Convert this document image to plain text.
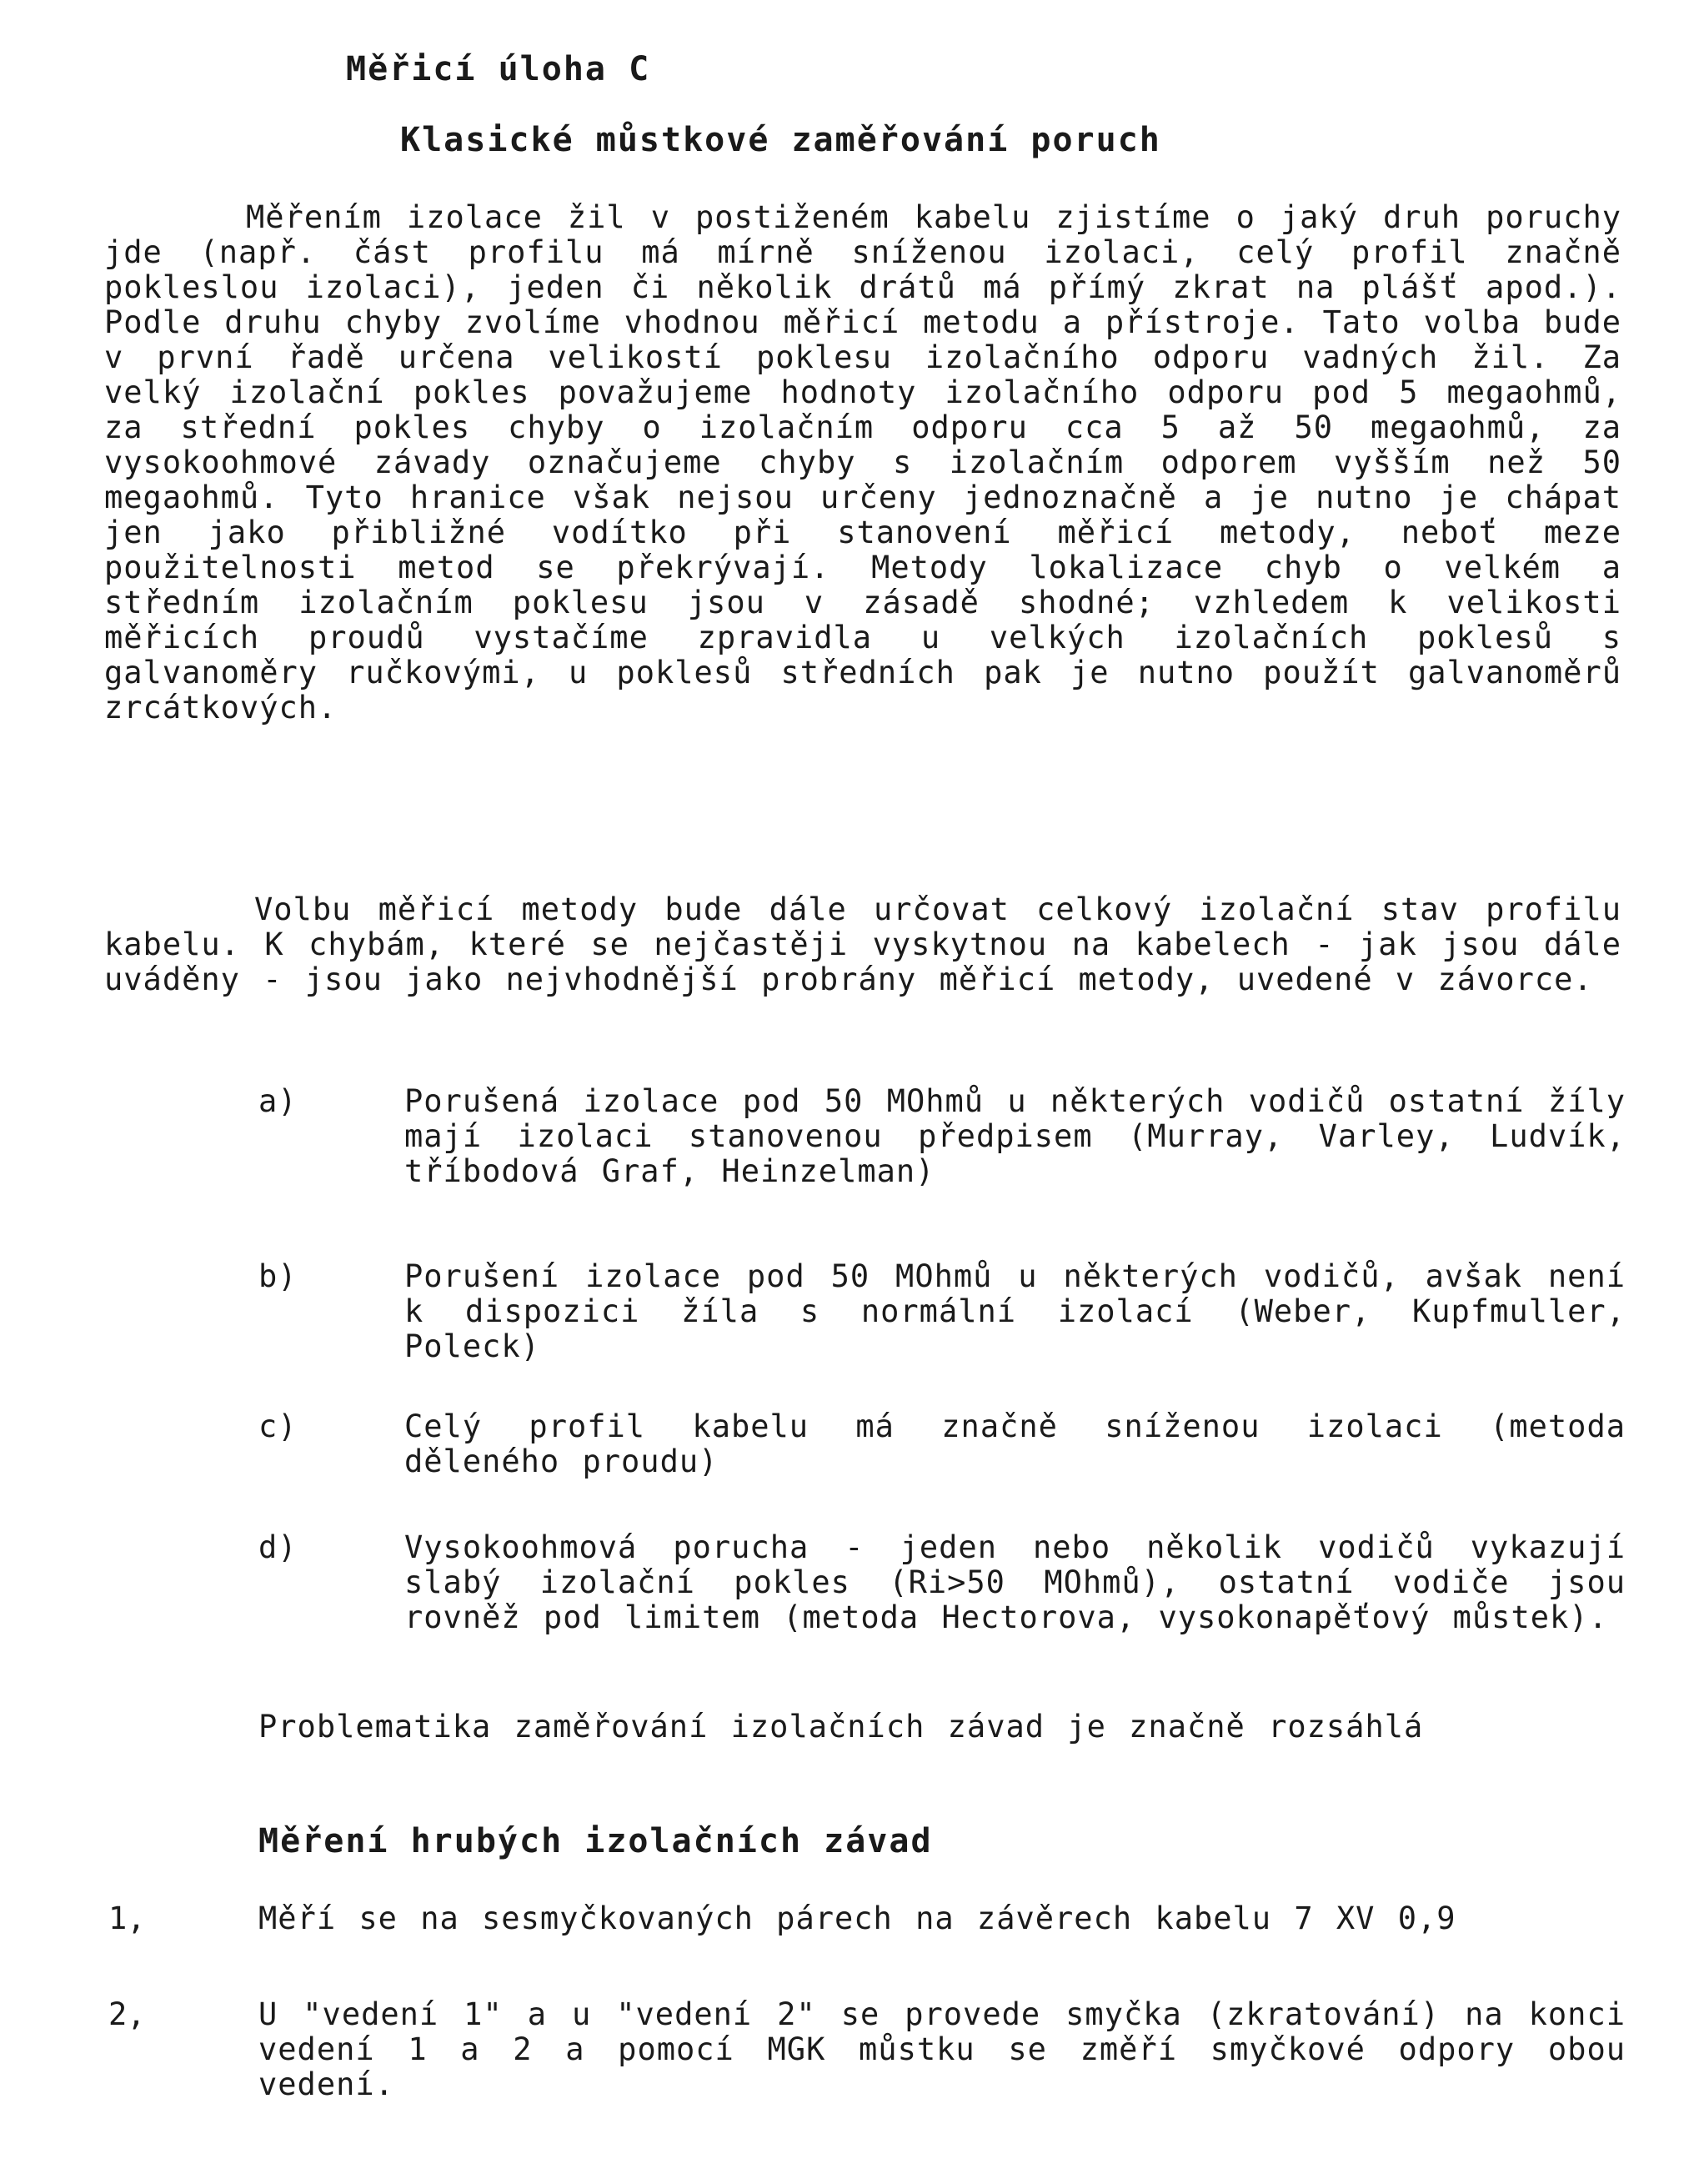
Měřicí úloha C
Klasické můstkové zaměřování poruch

Měřením izolace žil v postiženém kabelu zjistíme o jaký druh poruchy jde (např. část profilu má mírně sníženou izolaci, celý profil značně pokleslou izolaci), jeden či několik drátů má přímý zkrat na plášť apod.). Podle druhu chyby zvolíme vhodnou měřicí metodu a přístroje. Tato volba bude v první řadě určena velikostí poklesu izolačního odporu vadných žil. Za velký izolační pokles považujeme hodnoty izolačního odporu pod 5 megaohmů, za střední pokles chyby o izolačním odporu cca 5 až 50 megaohmů, za vysokoohmové závady označujeme chyby s izolačním odporem vyšším než 50 megaohmů. Tyto hranice však nejsou určeny jednoznačně a je nutno je chápat jen jako přibližné vodítko při stanovení měřicí metody, neboť meze použitelnosti metod se překrývají. Metody lokalizace chyb o velkém a středním izolačním poklesu jsou v zásadě shodné; vzhledem k velikosti měřicích proudů vystačíme zpravidla u velkých izolačních poklesů s galvanoměry ručkovými, u poklesů středních pak je nutno použít galvanoměrů zrcátkových.

Volbu měřicí metody bude dále určovat celkový izolační stav profilu kabelu. K chybám, které se nejčastěji vyskytnou na kabelech - jak jsou dále uváděny - jsou jako nejvhodnější probrány měřicí metody, uvedené v závorce.

a)	Porušená izolace pod 50 MOhmů u některých vodičů ostatní žíly mají izolaci stanovenou předpisem (Murray, Varley, Ludvík, tříbodová Graf, Heinzelman)
b)	Porušení izolace pod 50 MOhmů u některých vodičů, avšak není k dispozici žíla s normální izolací (Weber, Kupfmuller, Poleck)
c)	Celý profil kabelu má značně sníženou izolaci (metoda děleného proudu)
d)	Vysokoohmová porucha - jeden nebo několik vodičů vykazují slabý izolační pokles (Ri>50 MOhmů), ostatní vodiče jsou rovněž pod limitem (metoda Hectorova, vysokonapěťový můstek).

Problematika zaměřování izolačních závad je značně rozsáhlá

Měření hrubých izolačních závad
1,	Měří se na sesmyčkovaných párech na závěrech kabelu 7 XV 0,9
2,	U "vedení 1" a u "vedení 2" se provede smyčka (zkratování) na konci vedení 1 a 2 a pomocí MGK můstku se změří smyčkové odpory obou vedení.
